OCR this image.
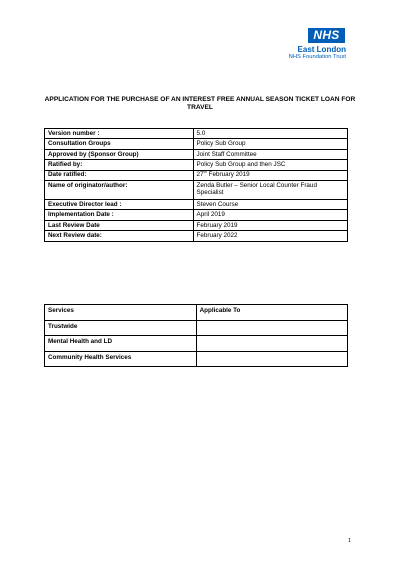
NHS
East London
NHS Foundation Trust
APPLICATION FOR THE PURCHASE OF AN INTEREST FREE ANNUAL SEASON TICKET LOAN FOR TRAVEL
Version number :	5.0
Consultation Groups	Policy Sub Group
Approved by (Sponsor Group)	Joint Staff Committee
Ratified by:	Policy Sub Group and then JSC
Date ratified:	27th February 2019
Name of originator/author:	Zenda Butler – Senior Local Counter Fraud Specialist
Executive Director lead :	Steven Course
Implementation Date :	April 2019
Last Review Date	February 2019
Next Review date:	February 2022
Services	Applicable To
Trustwide	
Mental Health and LD	
Community Health Services	
1
